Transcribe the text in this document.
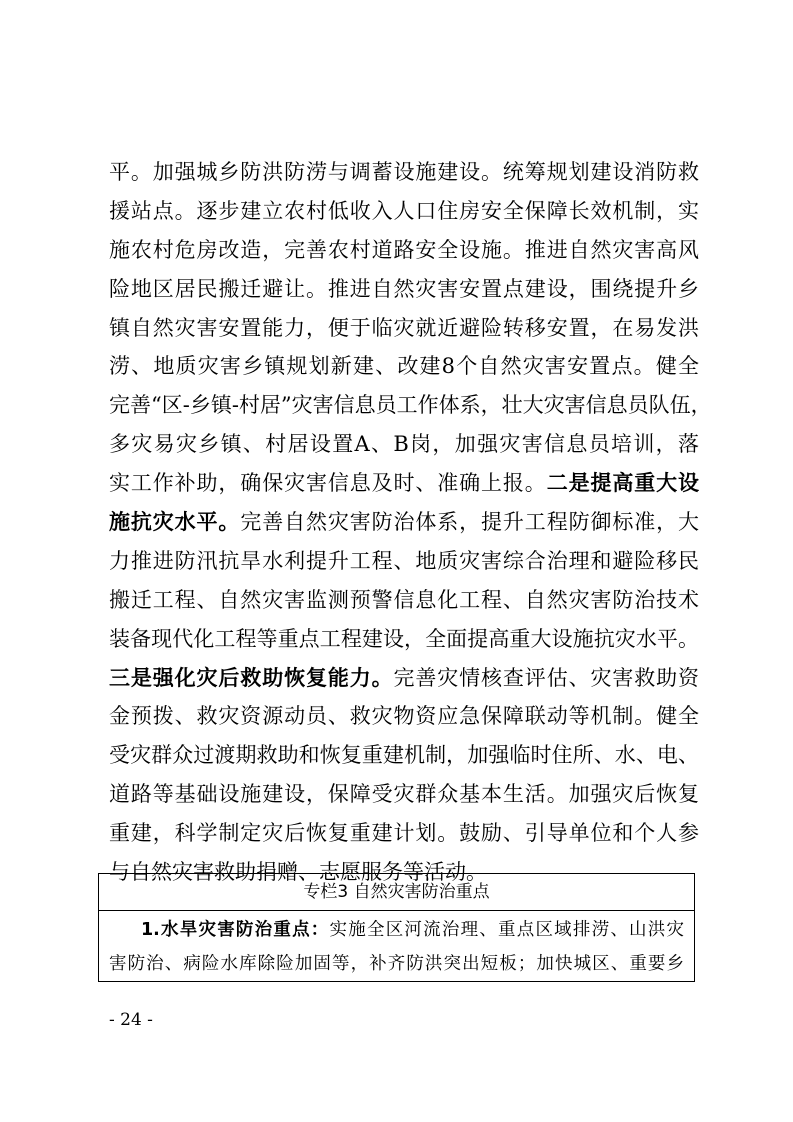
平。加强城乡防洪防涝与调蓄设施建设。统筹规划建设消防救
援站点。逐步建立农村低收入人口住房安全保障长效机制，实
施农村危房改造，完善农村道路安全设施。推进自然灾害高风
险地区居民搬迁避让。推进自然灾害安置点建设，围绕提升乡
镇自然灾害安置能力，便于临灾就近避险转移安置，在易发洪
涝、地质灾害乡镇规划新建、改建8个自然灾害安置点。健全
完善“区-乡镇-村居”灾害信息员工作体系，壮大灾害信息员队伍，
多灾易灾乡镇、村居设置A、B岗，加强灾害信息员培训，落
实工作补助，确保灾害信息及时、准确上报。二是提高重大设
施抗灾水平。完善自然灾害防治体系，提升工程防御标准，大
力推进防汛抗旱水利提升工程、地质灾害综合治理和避险移民
搬迁工程、自然灾害监测预警信息化工程、自然灾害防治技术
装备现代化工程等重点工程建设，全面提高重大设施抗灾水平。
三是强化灾后救助恢复能力。完善灾情核查评估、灾害救助资
金预拨、救灾资源动员、救灾物资应急保障联动等机制。健全
受灾群众过渡期救助和恢复重建机制，加强临时住所、水、电、
道路等基础设施建设，保障受灾群众基本生活。加强灾后恢复
重建，科学制定灾后恢复重建计划。鼓励、引导单位和个人参
与自然灾害救助捐赠、志愿服务等活动。
专栏3 自然灾害防治重点
1.水旱灾害防治重点：实施全区河流治理、重点区域排涝、山洪灾
害防治、病险水库除险加固等，补齐防洪突出短板；加快城区、重要乡
- 24 -
